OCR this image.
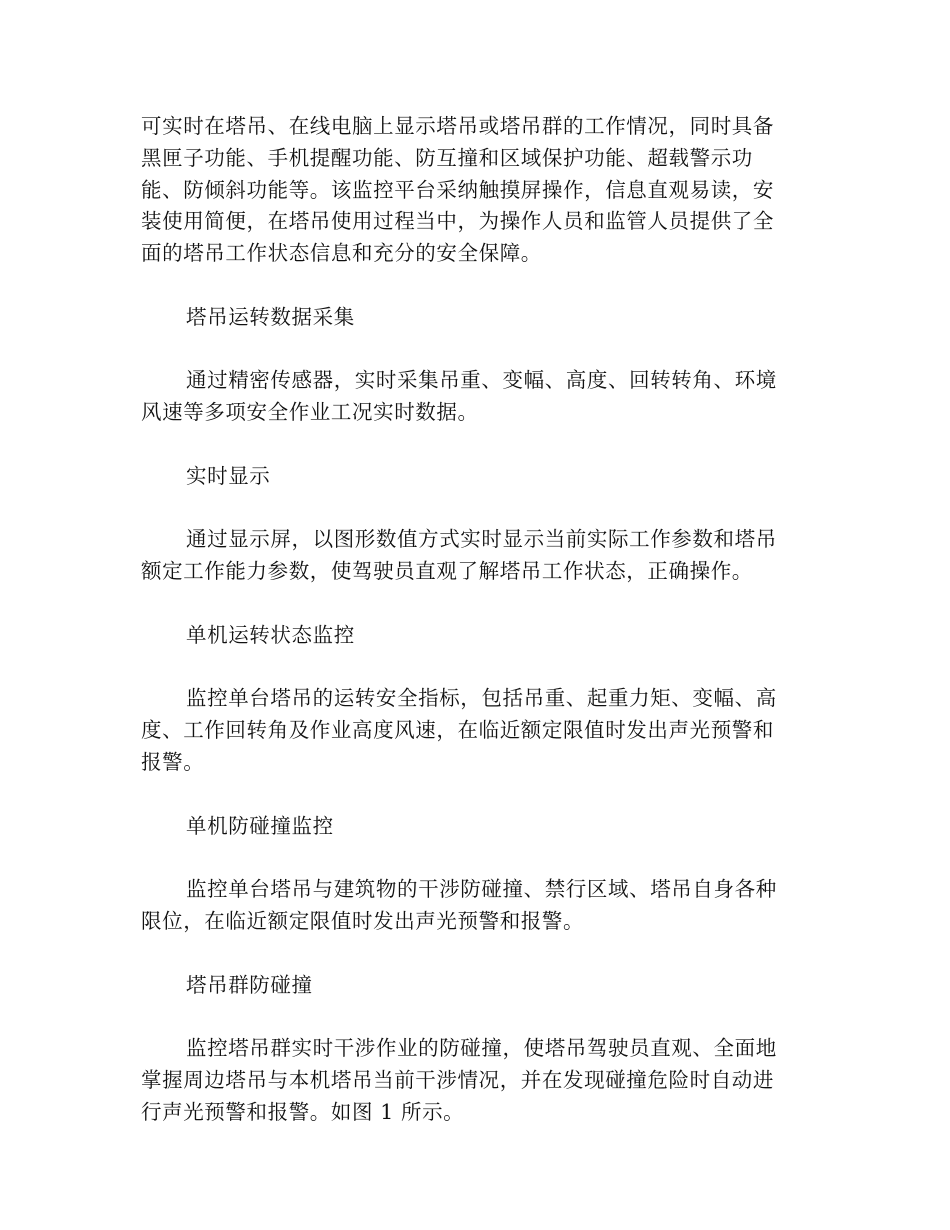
可实时在塔吊、在线电脑上显示塔吊或塔吊群的工作情况，同时具备
黑匣子功能、手机提醒功能、防互撞和区域保护功能、超载警示功
能、防倾斜功能等。该监控平台采纳触摸屏操作，信息直观易读，安
装使用简便，在塔吊使用过程当中，为操作人员和监管人员提供了全
面的塔吊工作状态信息和充分的安全保障。
塔吊运转数据采集
通过精密传感器，实时采集吊重、变幅、高度、回转转角、环境
风速等多项安全作业工况实时数据。
实时显示
通过显示屏，以图形数值方式实时显示当前实际工作参数和塔吊
额定工作能力参数，使驾驶员直观了解塔吊工作状态，正确操作。
单机运转状态监控
监控单台塔吊的运转安全指标，包括吊重、起重力矩、变幅、高
度、工作回转角及作业高度风速，在临近额定限值时发出声光预警和
报警。
单机防碰撞监控
监控单台塔吊与建筑物的干涉防碰撞、禁行区域、塔吊自身各种
限位，在临近额定限值时发出声光预警和报警。
塔吊群防碰撞
监控塔吊群实时干涉作业的防碰撞，使塔吊驾驶员直观、全面地
掌握周边塔吊与本机塔吊当前干涉情况，并在发现碰撞危险时自动进
行声光预警和报警。如图 1 所示。
